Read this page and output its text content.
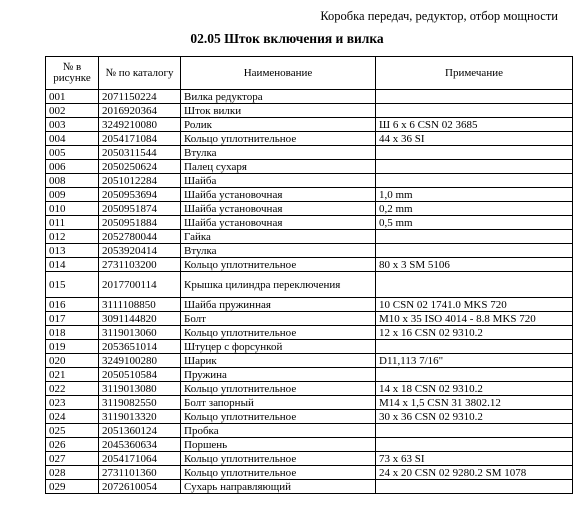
Коробка передач, редуктор, отбор мощности
02.05 Шток включения и вилка
№ в рисунке	№ по каталогу	Наименование	Примечание
001	2071150224	Вилка редуктора	
002	2016920364	Шток вилки	
003	3249210080	Ролик	Ш 6 х 6 CSN 02 3685
004	2054171084	Кольцо уплотнительное	44 x 36 SI
005	2050311544	Втулка	
006	2050250624	Палец сухаря	
008	2051012284	Шайба	
009	2050953694	Шайба установочная	1,0 mm
010	2050951874	Шайба установочная	0,2 mm
011	2050951884	Шайба установочная	0,5 mm
012	2052780044	Гайка	
013	2053920414	Втулка	
014	2731103200	Кольцо уплотнительное	80 x 3 SM 5106
015	2017700114	Крышка цилиндра переключения	
016	3111108850	Шайба пружинная	10 CSN 02 1741.0 MKS 720
017	3091144820	Болт	M10 x 35 ISO 4014 - 8.8 MKS 720
018	3119013060	Кольцо уплотнительное	12 x 16 CSN 02 9310.2
019	2053651014	Штуцер с форсункой	
020	3249100280	Шарик	D11,113 7/16"
021	2050510584	Пружина	
022	3119013080	Кольцо уплотнительное	14 x 18 CSN 02 9310.2
023	3119082550	Болт запорный	M14 x 1,5 CSN 31 3802.12
024	3119013320	Кольцо уплотнительное	30 x 36 CSN 02 9310.2
025	2051360124	Пробка	
026	2045360634	Поршень	
027	2054171064	Кольцо уплотнительное	73 x 63 SI
028	2731101360	Кольцо уплотнительное	24 x 20 CSN 02 9280.2 SM 1078
029	2072610054	Сухарь направляющий	
